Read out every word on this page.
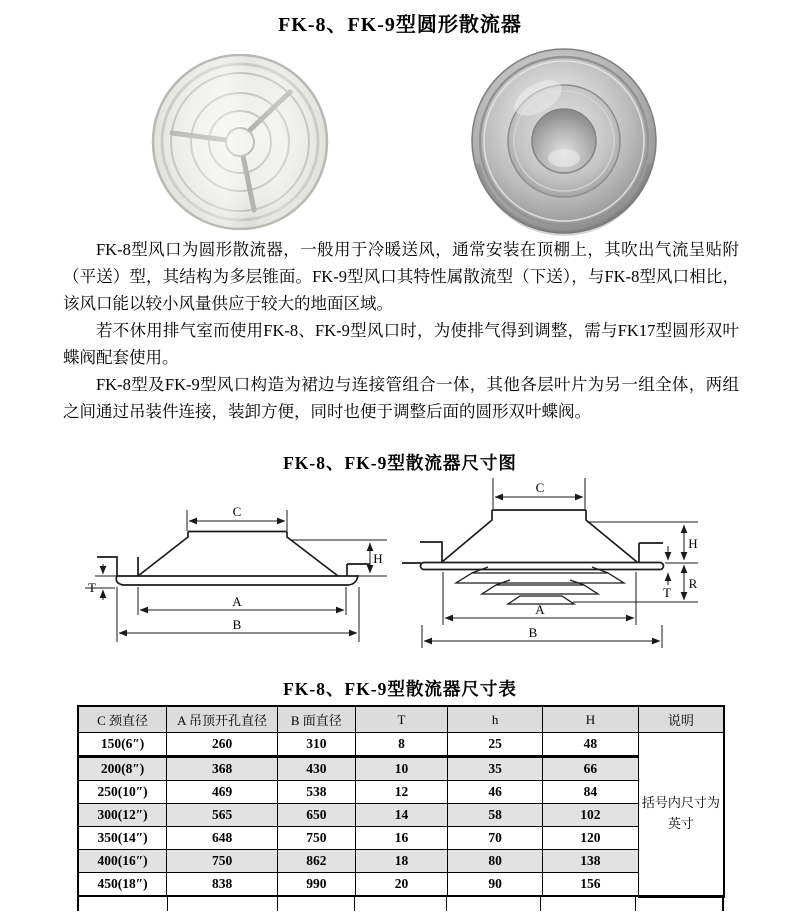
FK-8、FK-9型圆形散流器

FK-8型风口为圆形散流器，一般用于冷暖送风，通常安装在顶棚上，其吹出气流呈贴附（平送）型，其结构为多层锥面。FK-9型风口其特性属散流型（下送），与FK-8型风口相比，该风口能以较小风量供应于较大的地面区域。

若不休用排气室而使用FK-8、FK-9型风口时，为使排气得到调整，需与FK17型圆形双叶蝶阀配套使用。

FK-8型及FK-9型风口构造为裙边与连接管组合一体，其他各层叶片为另一组全体，两组之间通过吊装件连接，装卸方便，同时也便于调整后面的圆形双叶蝶阀。

FK-8、FK-9型散流器尺寸图
C
H
T
A
B
C
H
R
T
A
B
FK-8、FK-9型散流器尺寸表
C 颈直径	A 吊顶开孔直径	B 面直径	T	h	H	说明
150(6″)	260	310	8	25	48	括号内尺寸为英寸
200(8″)	368	430	10	35	66	
250(10″)	469	538	12	46	84	
300(12″)	565	650	14	58	102	
350(14″)	648	750	16	70	120	
400(16″)	750	862	18	80	138	
450(18″)	838	990	20	90	156	
